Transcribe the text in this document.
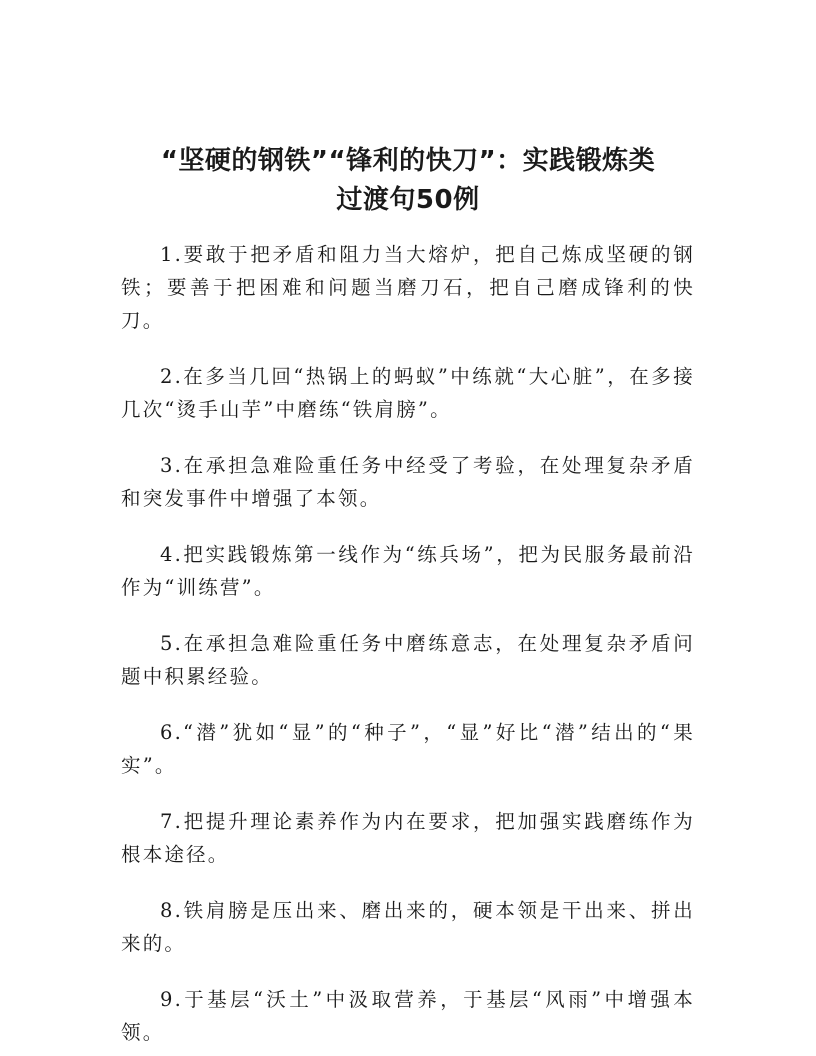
“坚硬的钢铁”“锋利的快刀”：实践锻炼类
过渡句50例

1.要敢于把矛盾和阻力当大熔炉，把自己炼成坚硬的钢铁；要善于把困难和问题当磨刀石，把自己磨成锋利的快刀。

2.在多当几回“热锅上的蚂蚁”中练就“大心脏”，在多接几次“烫手山芋”中磨练“铁肩膀”。

3.在承担急难险重任务中经受了考验，在处理复杂矛盾和突发事件中增强了本领。

4.把实践锻炼第一线作为“练兵场”，把为民服务最前沿作为“训练营”。

5.在承担急难险重任务中磨练意志，在处理复杂矛盾问题中积累经验。

6.“潜”犹如“显”的“种子”，“显”好比“潜”结出的“果实”。

7.把提升理论素养作为内在要求，把加强实践磨练作为根本途径。

8.铁肩膀是压出来、磨出来的，硬本领是干出来、拼出来的。

9.于基层“沃土”中汲取营养，于基层“风雨”中增强本领。
